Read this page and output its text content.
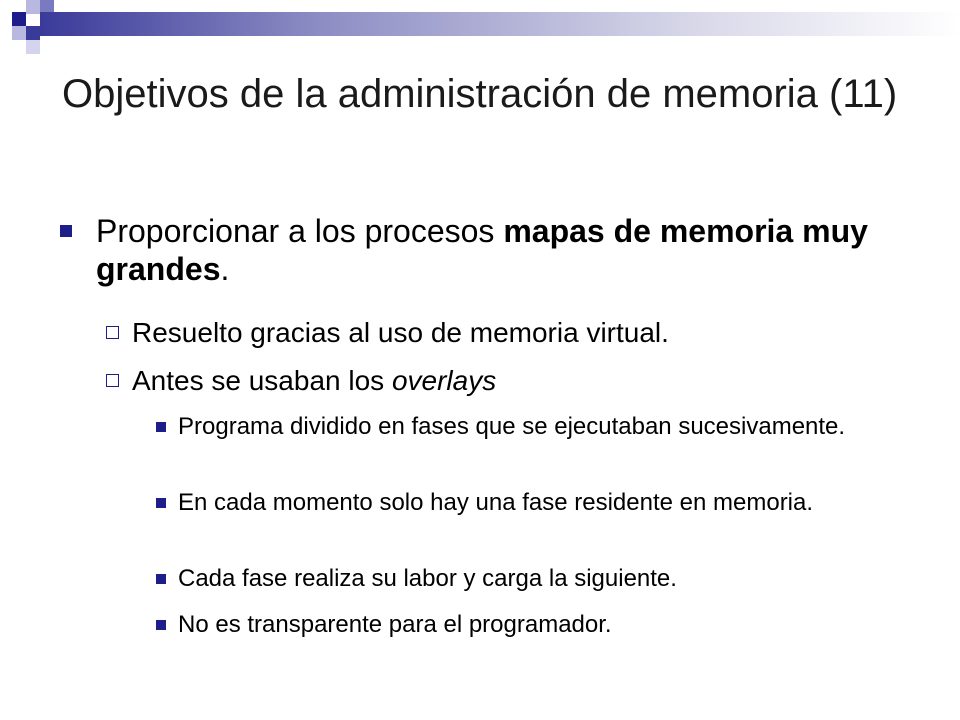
Objetivos de la administración de memoria (11)
Proporcionar a los procesos mapas de memoria muy grandes.
Resuelto gracias al uso de memoria virtual.
Antes se usaban los overlays
Programa dividido en fases que se ejecutaban sucesivamente.
En cada momento solo hay una fase residente en memoria.
Cada fase realiza su labor y carga la siguiente.
No es transparente para el programador.
